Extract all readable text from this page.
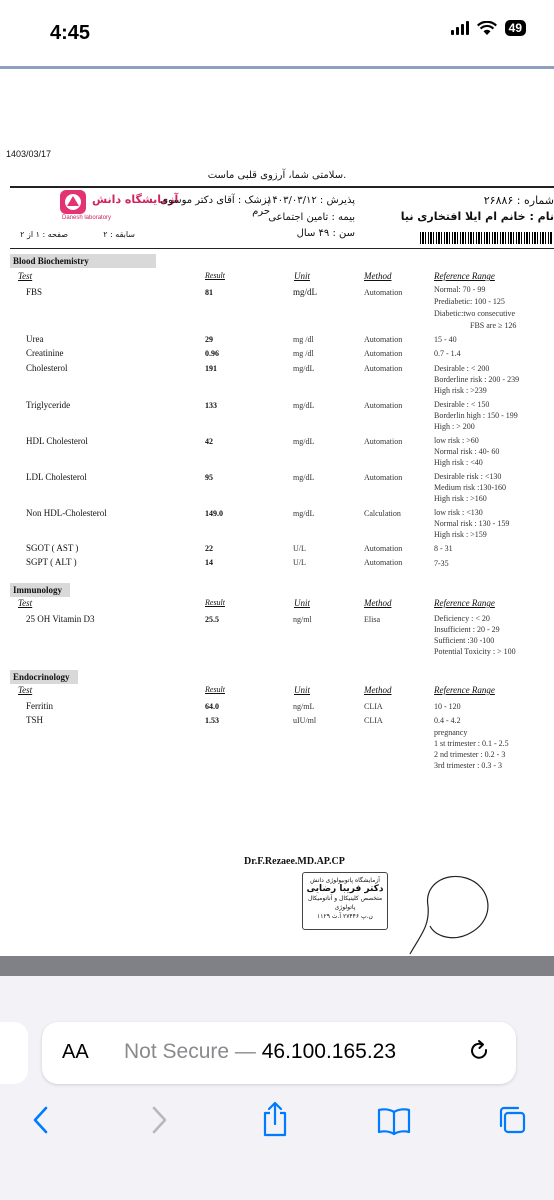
4:45	49
1403/03/17
سلامتی شما، آرزوی قلبی ماست.
آزمایشگاه دانش
Danesh laboratory
پزشک : آقای دکتر موسوی حرم
پذیرش : ۱۴۰۳/۰۳/۱۲	شماره : ۲۶۸۸۶
نام : خانم ام ایلا افتخاری نیا
بیمه : تامین اجتماعی
سن : ۴۹ سال
سابقه : ۲
صفحه : ۱ از ۲
Blood Biochemistry
Test	Result	Unit	Method	Reference Range
FBS	81	mg/dL	Automation	Normal: 70 - 99
Prediabetic: 100 - 125
Diabetic:two consecutive
FBS are ≥ 126
Urea	29	mg /dl	Automation	15 - 40
Creatinine	0.96	mg /dl	Automation	0.7 - 1.4
Cholesterol	191	mg/dL	Automation	Desirable : < 200
Borderline risk : 200 - 239
High risk : >239
Triglyceride	133	mg/dL	Automation	Desirable : < 150
Borderlin high : 150 - 199
High : > 200
HDL Cholesterol	42	mg/dL	Automation	low risk : >60
Normal risk : 40- 60
High risk : <40
LDL Cholesterol	95	mg/dL	Automation	Desirable risk : <130
Medium risk :130-160
High risk : >160
Non HDL-Cholesterol	149.0	mg/dL	Calculation	low risk : <130
Normal risk : 130 - 159
High risk : >159
SGOT ( AST )	22	U/L	Automation	8 - 31
SGPT ( ALT )	14	U/L	Automation	7-35
Immunology
Test	Result	Unit	Method	Reference Range
25 OH Vitamin D3	25.5	ng/ml	Elisa	Deficiency : < 20
Insufficient : 20 - 29
Sufficient :30 -100
Potential Toxicity : > 100
Endocrinology
Test	Result	Unit	Method	Reference Range
Ferritin	64.0	ng/mL	CLIA	10 - 120
TSH	1.53	uIU/ml	CLIA	0.4 - 4.2
pregnancy
1 st trimester : 0.1 - 2.5
2 nd trimester : 0.2 - 3
3rd trimester : 0.3 - 3
Dr.F.Rezaee.MD.AP.CP
آزمایشگاه پاتوبیولوژی دانش
دکتر فریبا رضایی
متخصص کلینیکال و آناتومیکال پاتولوژی
ن.پ ۲۷۴۴۶ آ.ت ۱۱۲۹
AA Not Secure — 46.100.165.23
